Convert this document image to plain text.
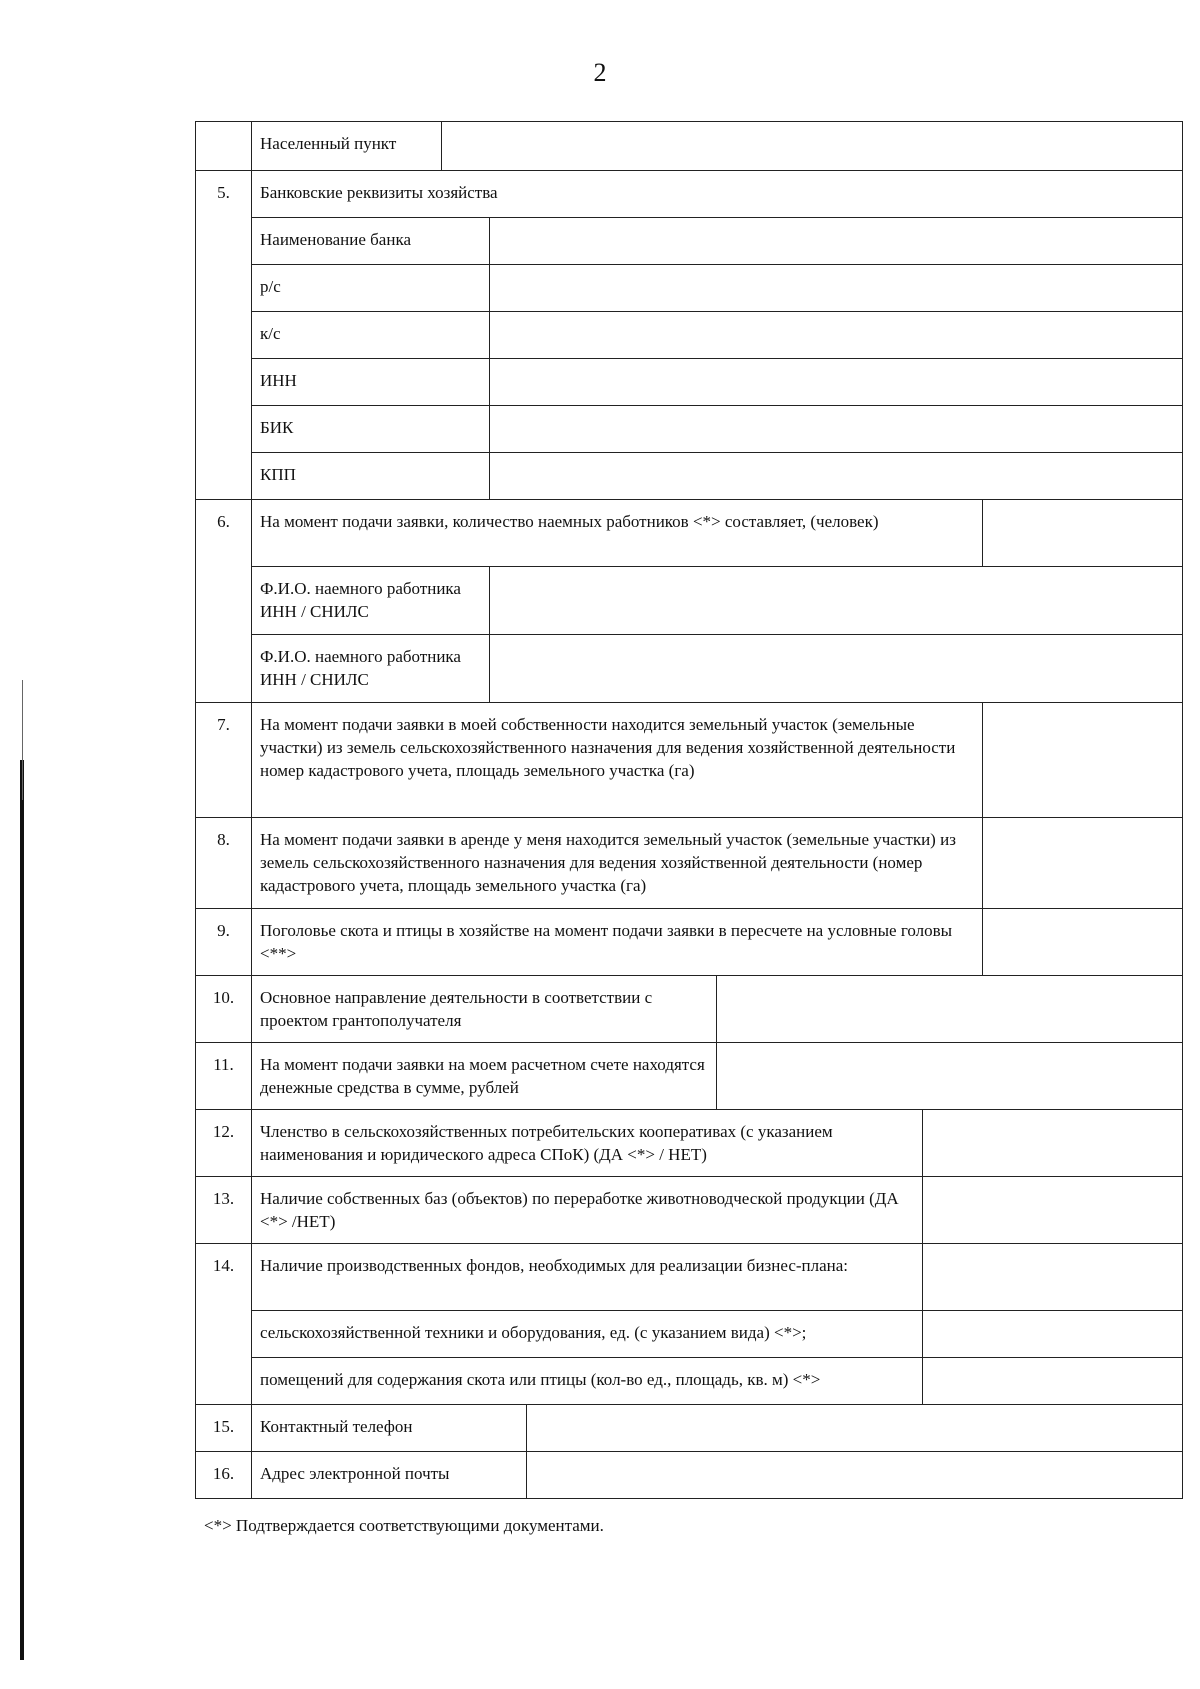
2
Населенный пункт
5.	Банковские реквизиты хозяйства
Наименование банка
р/с
к/с
ИНН
БИК
КПП
6.	На момент подачи заявки, количество наемных работников <*> составляет, (человек)
Ф.И.О. наемного работника ИНН / СНИЛС
Ф.И.О. наемного работника ИНН / СНИЛС
7.	На момент подачи заявки в моей собственности находится земельный участок (земельные участки) из земель сельскохозяйственного назначения для ведения хозяйственной деятельности номер кадастрового учета, площадь земельного участка (га)
8.	На момент подачи заявки в аренде у меня находится земельный участок (земельные участки) из земель сельскохозяйственного назначения для ведения хозяйственной деятельности (номер кадастрового учета, площадь земельного участка (га)
9.	Поголовье скота и птицы в хозяйстве на момент подачи заявки в пересчете на условные головы <**>
10.	Основное направление деятельности в соответствии с проектом грантополучателя
11.	На момент подачи заявки на моем расчетном счете находятся денежные средства в сумме, рублей
12.	Членство в сельскохозяйственных потребительских кооперативах (с указанием наименования и юридического адреса СПоК) (ДА <*> / НЕТ)
13.	Наличие собственных баз (объектов) по переработке животноводческой продукции (ДА <*> /НЕТ)
14.	Наличие производственных фондов, необходимых для реализации бизнес-плана:
сельскохозяйственной техники и оборудования, ед. (с указанием вида) <*>;
помещений для содержания скота или птицы (кол-во ед., площадь, кв. м) <*>
15.	Контактный телефон
16.	Адрес электронной почты
<*> Подтверждается соответствующими документами.
